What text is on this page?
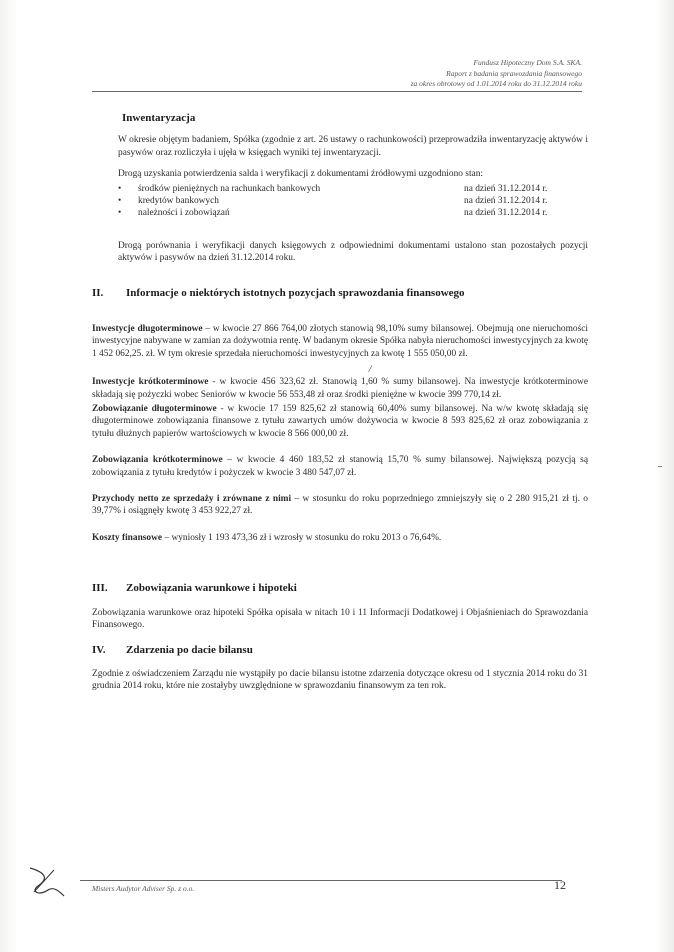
Fundusz Hipoteczny Dom S.A. SKA.
Raport z badania sprawozdania finansowego
za okres obrotowy od 1.01.2014 roku do 31.12.2014 roku
Inwentaryzacja

W okresie objętym badaniem, Spółka (zgodnie z art. 26 ustawy o rachunkowości) przeprowadziła inwentaryzację aktywów i pasywów oraz rozliczyła i ujęła w księgach wyniki tej inwentaryzacji.

Drogą uzyskania potwierdzenia salda i weryfikacji z dokumentami źródłowymi uzgodniono stan:

• środków pieniężnych na rachunkach bankowych	na dzień 31.12.2014 r.
• kredytów bankowych	na dzień 31.12.2014 r.
• należności i zobowiązań	na dzień 31.12.2014 r.

Drogą porównania i weryfikacji danych księgowych z odpowiednimi dokumentami ustalono stan pozostałych pozycji aktywów i pasywów na dzień 31.12.2014 roku.

II. Informacje o niektórych istotnych pozycjach sprawozdania finansowego

Inwestycje długoterminowe – w kwocie 27 866 764,00 złotych stanowią 98,10% sumy bilansowej. Obejmują one nieruchomości inwestycyjne nabywane w zamian za dożywotnia rentę. W badanym okresie Spółka nabyła nieruchomości inwestycyjnych za kwotę 1 452 062,25. zł. W tym okresie sprzedała nieruchomości inwestycyjnych za kwotę 1 555 050,00 zł.

/

Inwestycje krótkoterminowe - w kwocie 456 323,62 zł. Stanowią 1,60 % sumy bilansowej. Na inwestycje krótkoterminowe składają się pożyczki wobec Seniorów w kwocie 56 553,48 zł oraz środki pieniężne w kwocie 399 770,14 zł.

Zobowiązanie długoterminowe - w kwocie 17 159 825,62 zł stanowią 60,40% sumy bilansowej. Na w/w kwotę składają się długoterminowe zobowiązania finansowe z tytułu zawartych umów dożywocia w kwocie 8 593 825,62 zł oraz zobowiązania z tytułu dłużnych papierów wartościowych w kwocie 8 566 000,00 zł.

Zobowiązania krótkoterminowe – w kwocie 4 460 183,52 zł stanowią 15,70 % sumy bilansowej. Największą pozycją są zobowiązania z tytułu kredytów i pożyczek w kwocie 3 480 547,07 zł.

Przychody netto ze sprzedaży i zrównane z nimi – w stosunku do roku poprzedniego zmniejszyły się o 2 280 915,21 zł tj. o 39,77% i osiągnęły kwotę 3 453 922,27 zł.

Koszty finansowe – wyniosły 1 193 473,36 zł i wzrosły w stosunku do roku 2013 o 76,64%.

III. Zobowiązania warunkowe i hipoteki

Zobowiązania warunkowe oraz hipoteki Spółka opisała w nitach 10 i 11 Informacji Dodatkowej i Objaśnieniach do Sprawozdania Finansowego.

IV. Zdarzenia po dacie bilansu

Zgodnie z oświadczeniem Zarządu nie wystąpiły po dacie bilansu istotne zdarzenia dotyczące okresu od 1 stycznia 2014 roku do 31 grudnia 2014 roku, które nie zostałyby uwzględnione w sprawozdaniu finansowym za ten rok.

Misters Audytor Adviser Sp. z o.o.	12
